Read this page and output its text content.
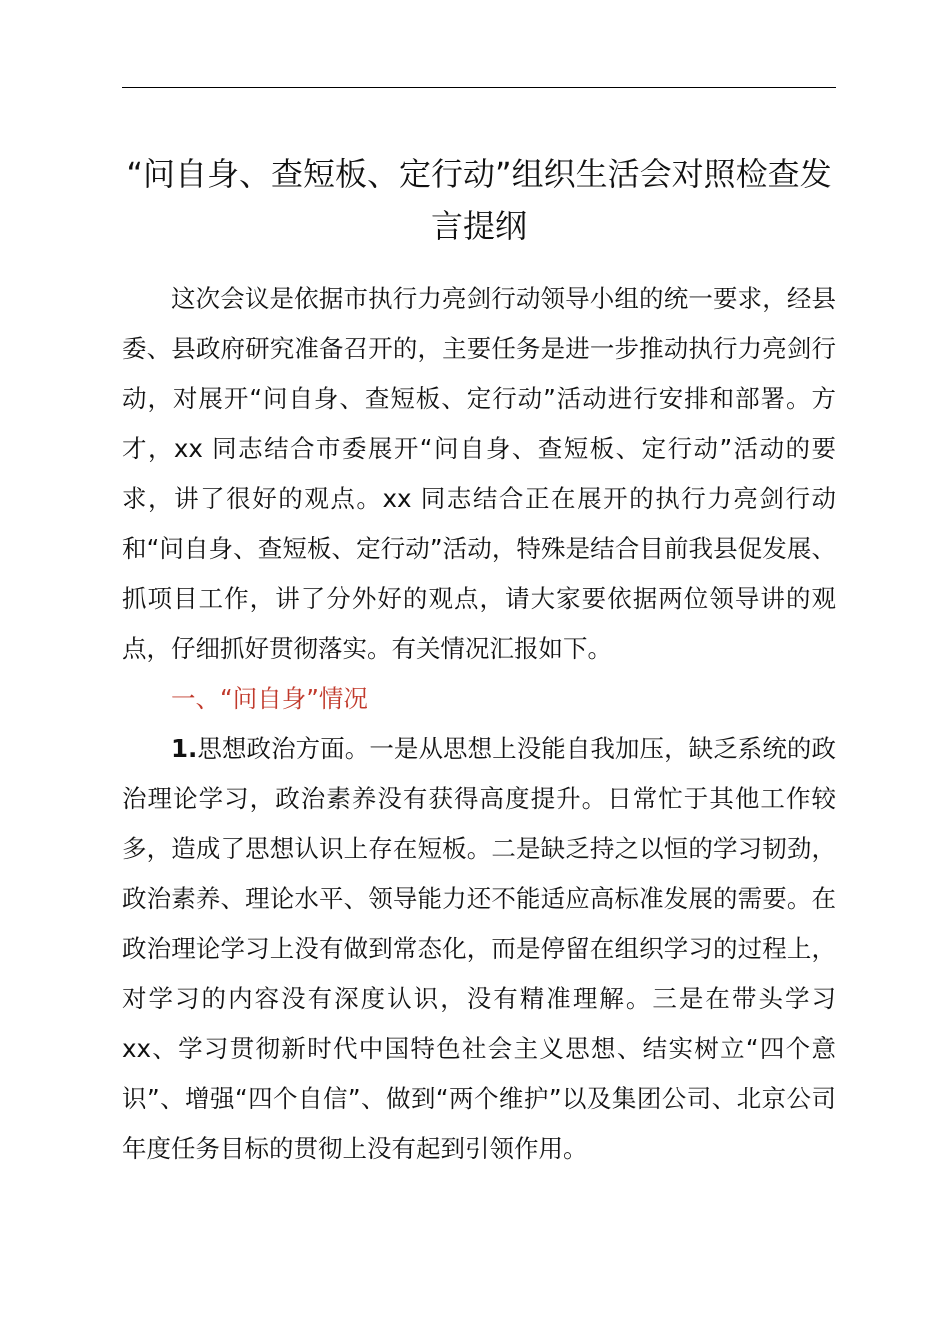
“问自身、查短板、定行动”组织生活会对照检查发言提纲

这次会议是依据市执行力亮剑行动领导小组的统一要求，经县委、县政府研究准备召开的，主要任务是进一步推动执行力亮剑行动，对展开“问自身、查短板、定行动”活动进行安排和部署。方才，xx 同志结合市委展开“问自身、查短板、定行动”活动的要求，讲了很好的观点。xx 同志结合正在展开的执行力亮剑行动和“问自身、查短板、定行动”活动，特殊是结合目前我县促发展、抓项目工作，讲了分外好的观点，请大家要依据两位领导讲的观点，仔细抓好贯彻落实。有关情况汇报如下。

一、“问自身”情况

1.思想政治方面。一是从思想上没能自我加压，缺乏系统的政治理论学习，政治素养没有获得高度提升。日常忙于其他工作较多，造成了思想认识上存在短板。二是缺乏持之以恒的学习韧劲，政治素养、理论水平、领导能力还不能适应高标准发展的需要。在政治理论学习上没有做到常态化，而是停留在组织学习的过程上，对学习的内容没有深度认识，没有精准理解。三是在带头学习 xx、学习贯彻新时代中国特色社会主义思想、结实树立“四个意识”、增强“四个自信”、做到“两个维护”以及集团公司、北京公司年度任务目标的贯彻上没有起到引领作用。
